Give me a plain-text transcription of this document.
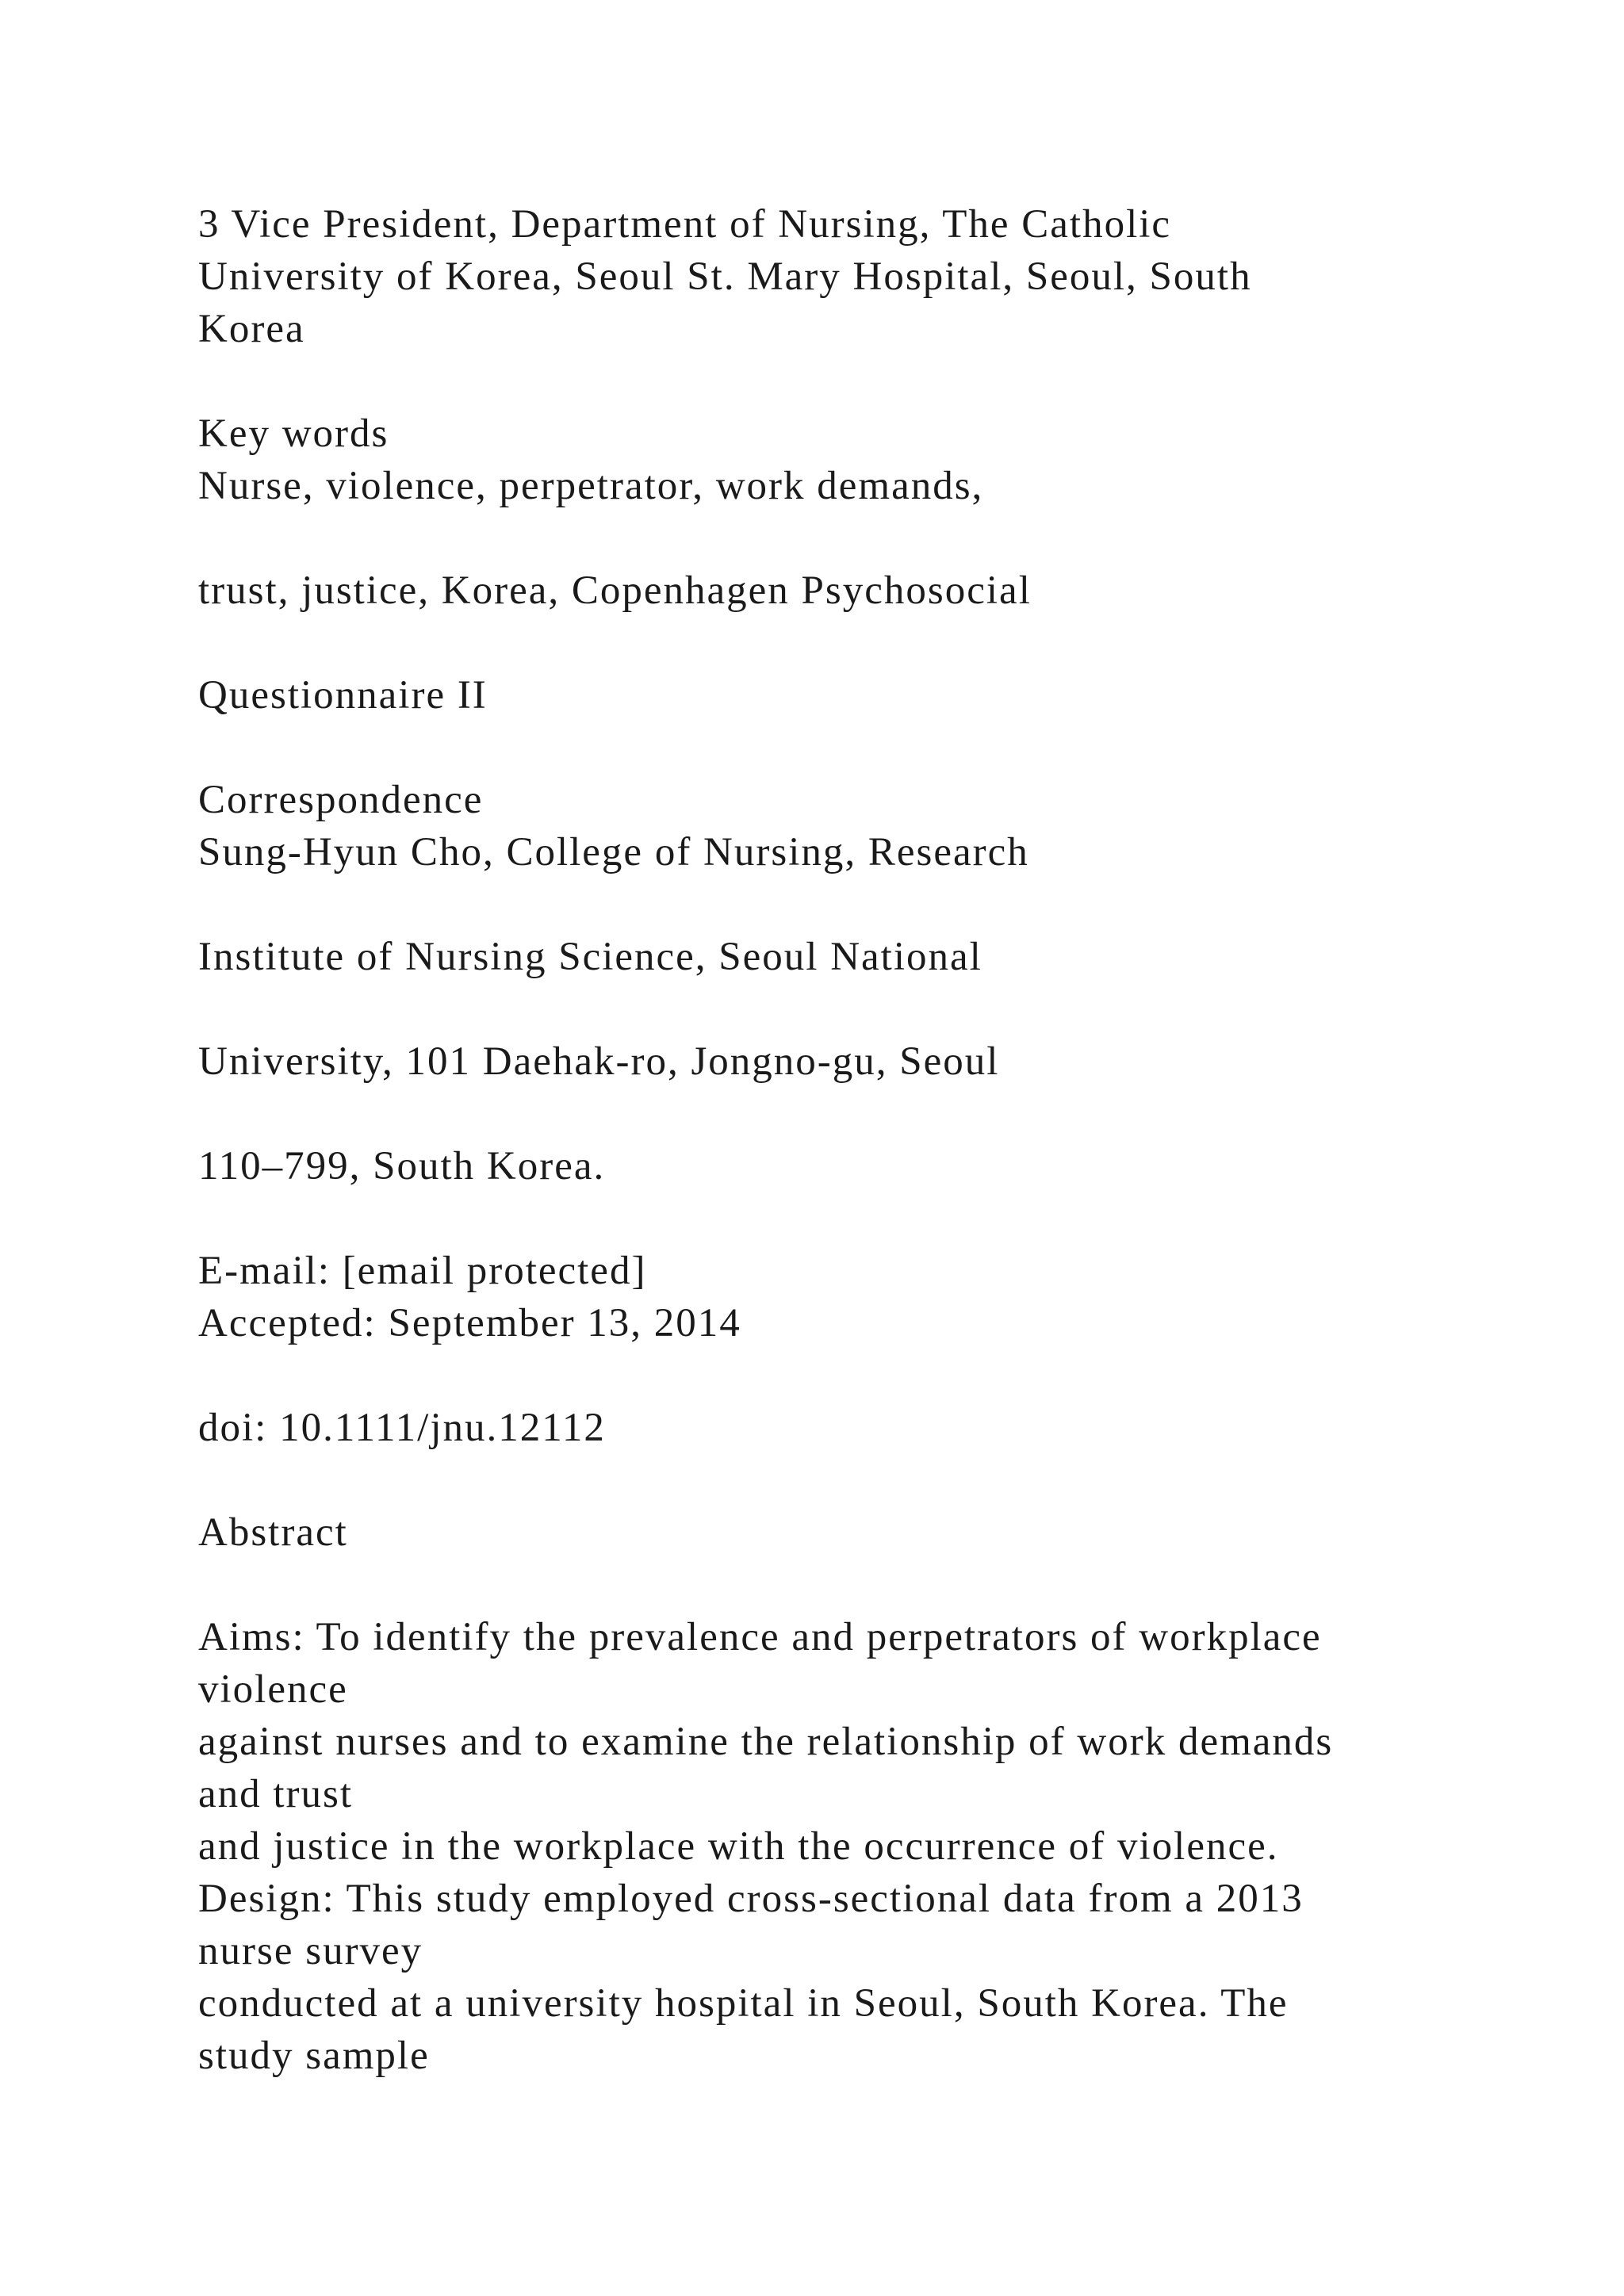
3 Vice President, Department of Nursing, The Catholic
University of Korea, Seoul St. Mary Hospital, Seoul, South
Korea
Key words
Nurse, violence, perpetrator, work demands,
trust, justice, Korea, Copenhagen Psychosocial
Questionnaire II
Correspondence
Sung-Hyun Cho, College of Nursing, Research
Institute of Nursing Science, Seoul National
University, 101 Daehak-ro, Jongno-gu, Seoul
110–799, South Korea.
E-mail: [email protected]
Accepted: September 13, 2014
doi: 10.1111/jnu.12112
Abstract
Aims: To identify the prevalence and perpetrators of workplace
violence
against nurses and to examine the relationship of work demands
and trust
and justice in the workplace with the occurrence of violence.
Design: This study employed cross-sectional data from a 2013
nurse survey
conducted at a university hospital in Seoul, South Korea. The
study sample
